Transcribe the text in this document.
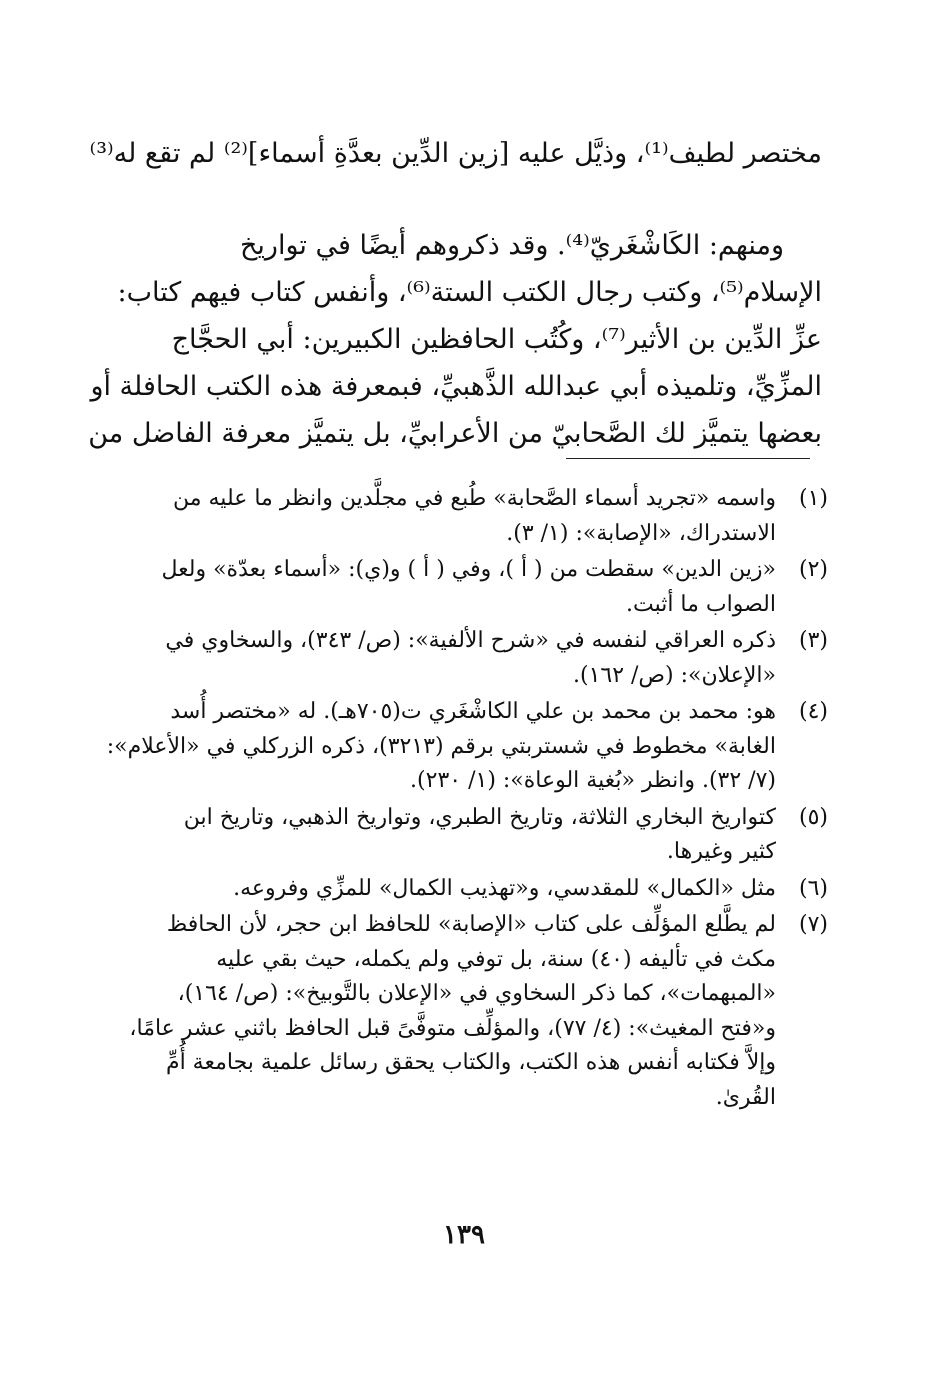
مختصر لطيف⁽¹⁾، وذيَّل عليه [زين الدِّين بعدَّةِ أسماء]⁽²⁾ لم تقع له⁽³⁾
ومنهم: الكَاشْغَريّ⁽⁴⁾. وقد ذكروهم أيضًا في تواريخ
الإسلام⁽⁵⁾، وكتب رجال الكتب الستة⁽⁶⁾، وأنفس كتاب فيهم كتاب:
عزِّ الدِّين بن الأثير⁽⁷⁾، وكُتُب الحافظين الكبيرين: أبي الحجَّاج
المزِّيِّ، وتلميذه أبي عبدالله الذَّهبيِّ، فبمعرفة هذه الكتب الحافلة أو
بعضها يتميَّز لك الصَّحابيّ من الأعرابيِّ، بل يتميَّز معرفة الفاضل من
(١)
واسمه «تجريد أسماء الصَّحابة» طُبع في مجلَّدين وانظر ما عليه من
الاستدراك، «الإصابة»: (١/ ٣).
(٢)
«زين الدين» سقطت من ( أ )، وفي ( أ ) و(ي): «أسماء بعدّة» ولعل
الصواب ما أثبت.
(٣)
ذكره العراقي لنفسه في «شرح الألفية»: (ص/ ٣٤٣)، والسخاوي في
«الإعلان»: (ص/ ١٦٢).
(٤)
هو: محمد بن محمد بن علي الكاشْغَري ت(٧٠٥هـ). له «مختصر أُسد
الغابة» مخطوط في شستربتي برقم (٣٢١٣)، ذكره الزركلي في «الأعلام»:
(٧/ ٣٢). وانظر «بُغية الوعاة»: (١/ ٢٣٠).
(٥)
كتواريخ البخاري الثلاثة، وتاريخ الطبري، وتواريخ الذهبي، وتاريخ ابن
كثير وغيرها.
(٦)
مثل «الكمال» للمقدسي، و«تهذيب الكمال» للمزِّي وفروعه.
(٧)
لم يطَّلع المؤلِّف على كتاب «الإصابة» للحافظ ابن حجر، لأن الحافظ
مكث في تأليفه (٤٠) سنة، بل توفي ولم يكمله، حيث بقي عليه
«المبهمات»، كما ذكر السخاوي في «الإعلان بالتَّوبيخ»: (ص/ ١٦٤)،
و«فتح المغيث»: (٤/ ٧٧)، والمؤلِّف متوفَّىً قبل الحافظ باثني عشر عامًا،
وإلاَّ فكتابه أنفس هذه الكتب، والكتاب يحقق رسائل علمية بجامعة أُمِّ
القُرىٰ.
١٣٩
